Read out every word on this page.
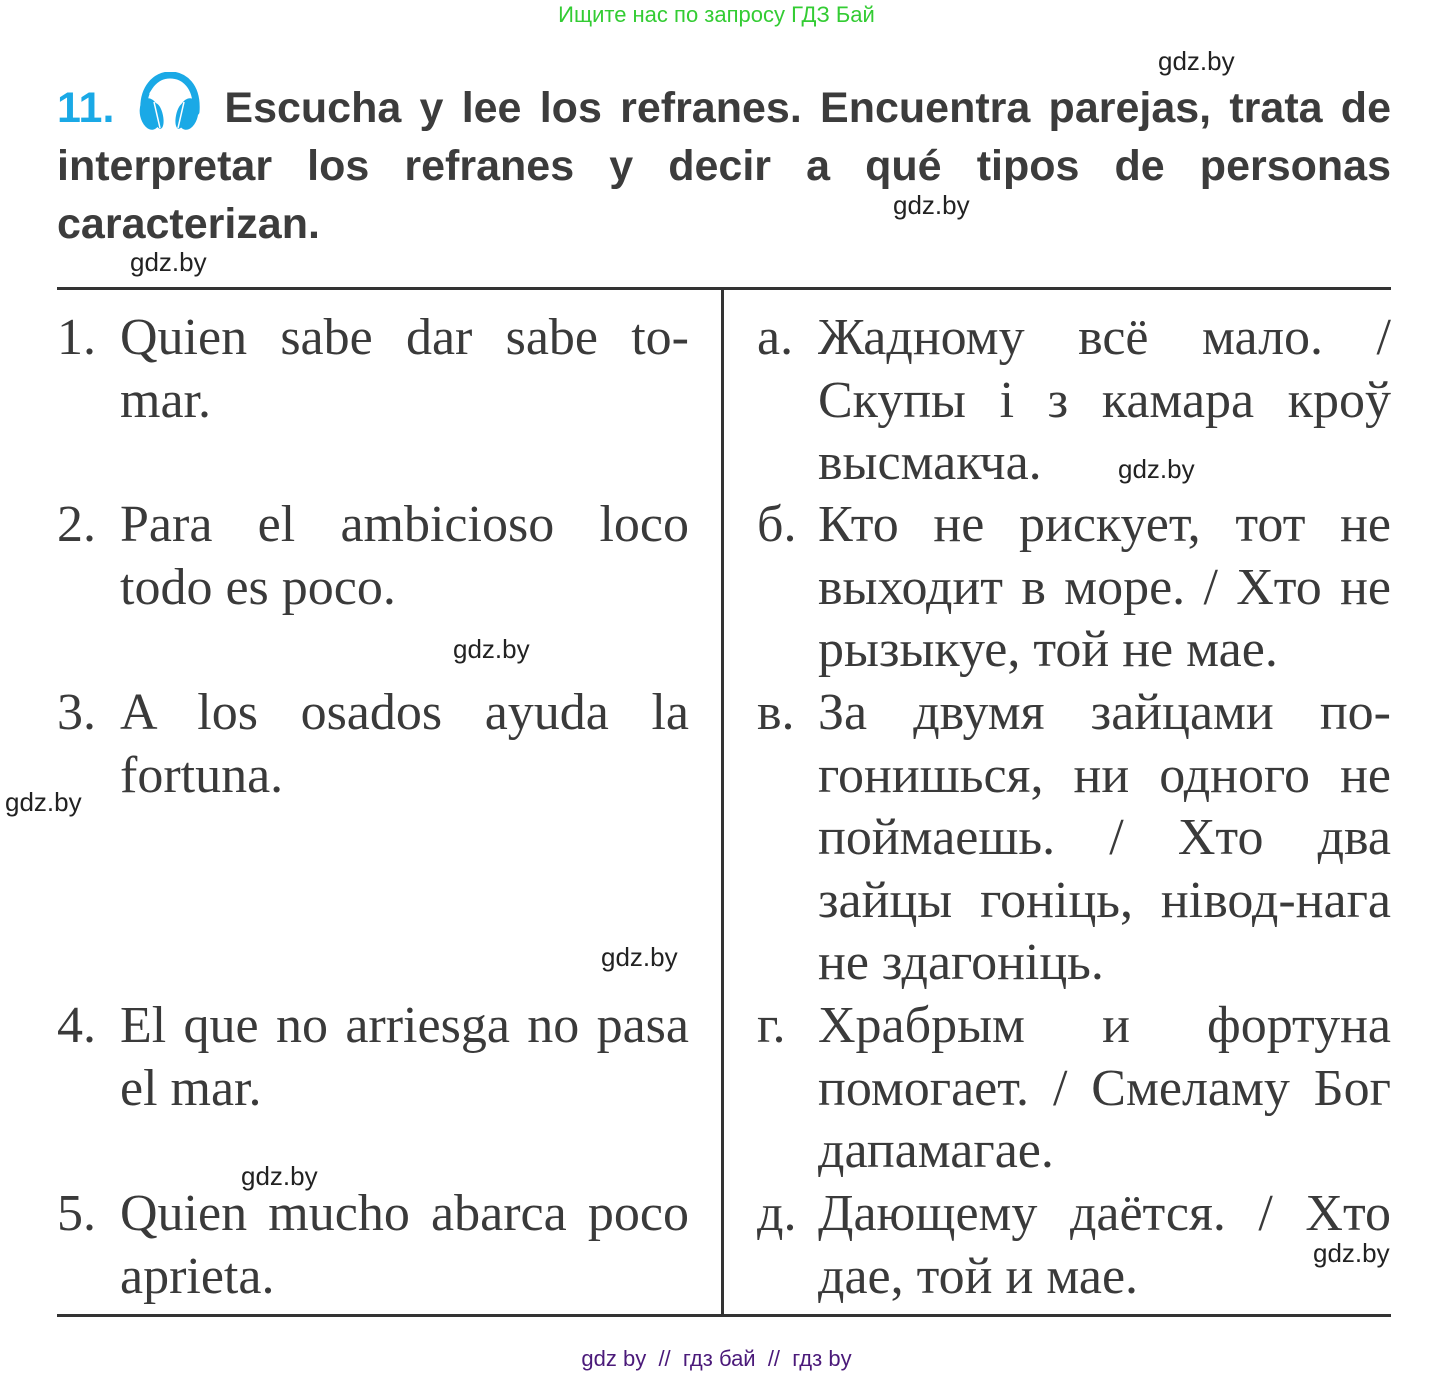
Ищите нас по запросу ГДЗ Бай
11.	Escucha y lee los refranes. Encuentra parejas, trata de interpretar los refranes y decir a qué tipos de personas caracterizan.
1. Quien sabe dar sabe to-mar.
2. Para el ambicioso loco todo es poco.
3. A los osados ayuda la fortuna.
4. El que no arriesga no pasa el mar.
5. Quien mucho abarca poco aprieta.
а. Жадному всё мало. / Скупы і з камара кроў высмакча.
б. Кто не рискует, тот не выходит в море. / Хто не рызыкуе, той не мае.
в. За двумя зайцами по-гонишься, ни одного не поймаешь. / Хто два зайцы гоніць, нівод-нага не здагоніць.
г. Храбрым и фортуна помогает. / Смеламу Бог дапамагае.
д. Дающему даётся. / Хто дае, той и мае.
gdz.by
gdz.by
gdz.by
gdz.by
gdz.by
gdz.by
gdz.by
gdz.by
gdz.by
gdz by  //  гдз бай  //  гдз by
